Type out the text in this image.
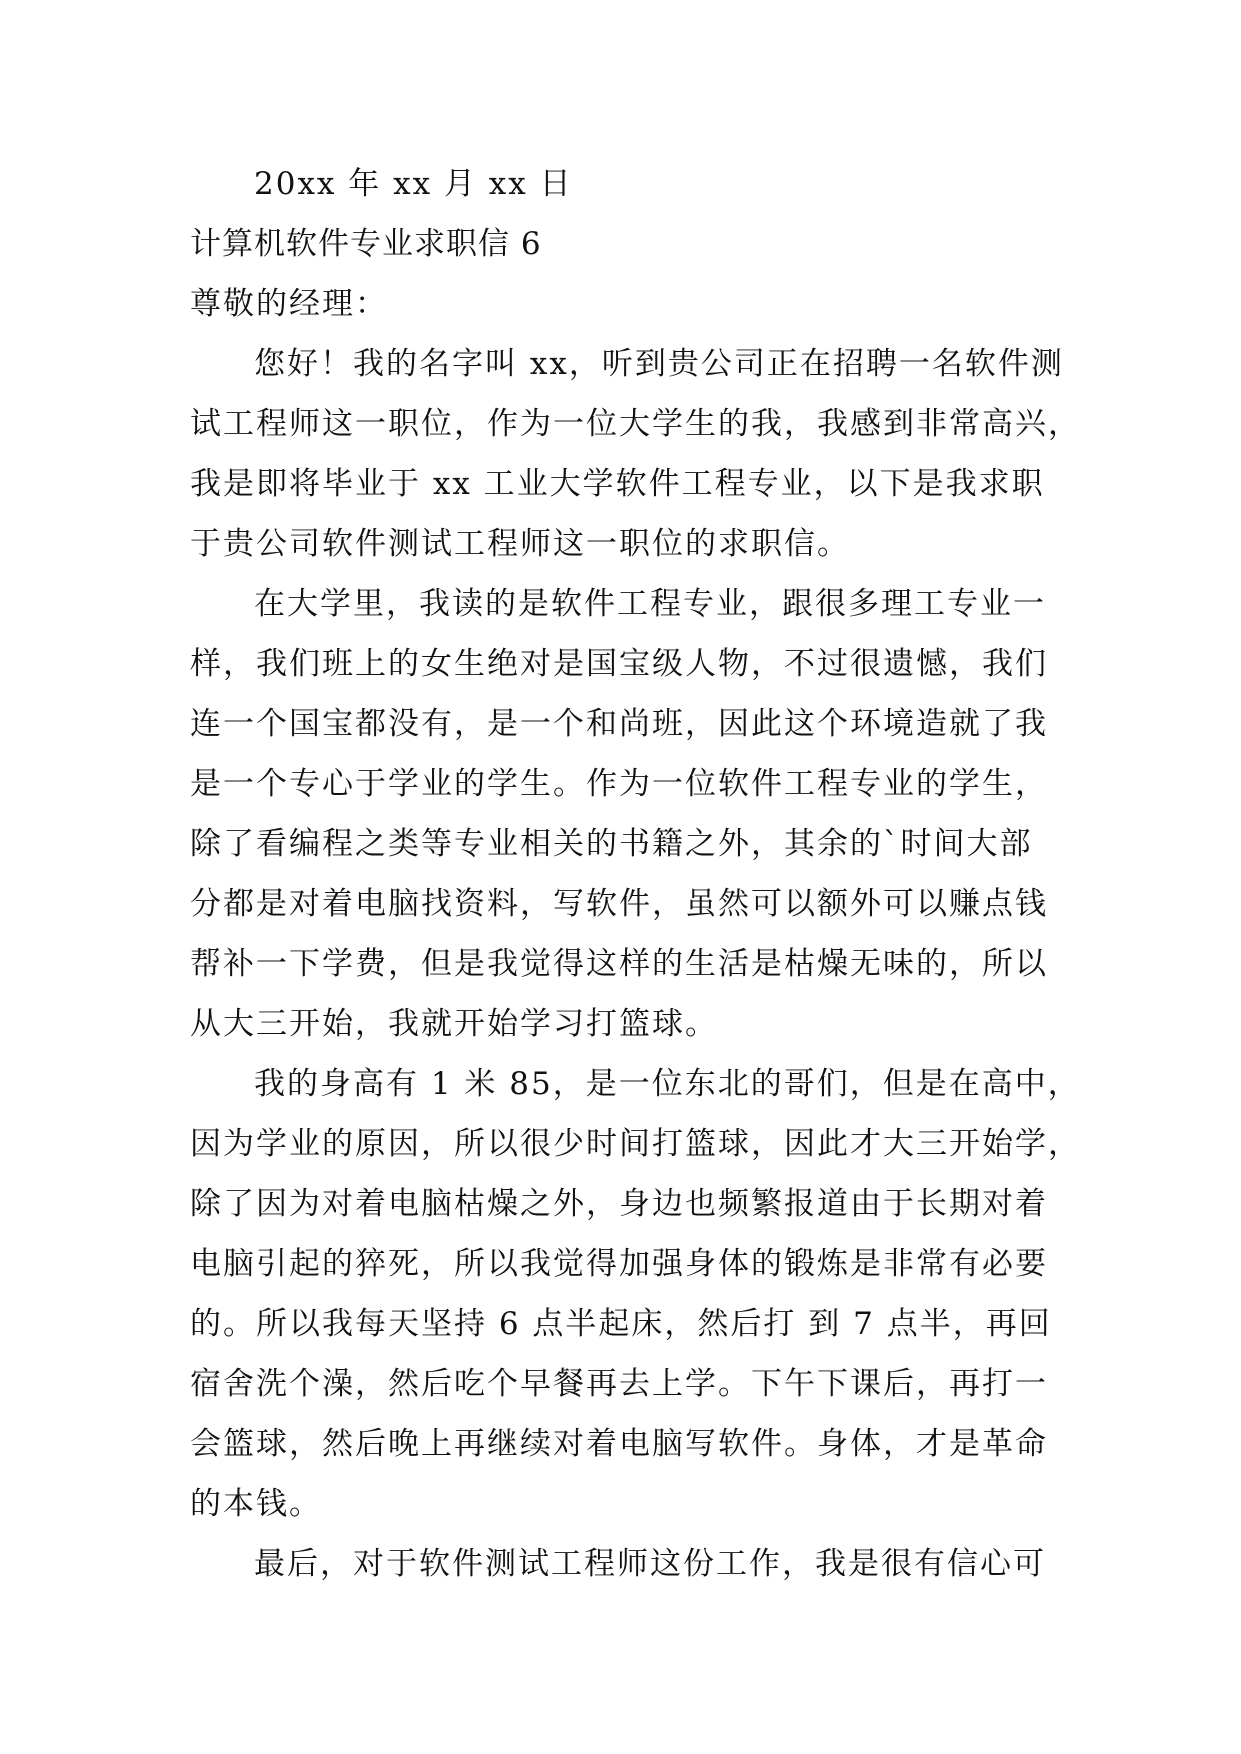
20xx 年 xx 月 xx 日
计算机软件专业求职信 6
尊敬的经理：
您好！我的名字叫 xx，听到贵公司正在招聘一名软件测
试工程师这一职位，作为一位大学生的我，我感到非常高兴，
我是即将毕业于 xx 工业大学软件工程专业，以下是我求职
于贵公司软件测试工程师这一职位的求职信。
在大学里，我读的是软件工程专业，跟很多理工专业一
样，我们班上的女生绝对是国宝级人物，不过很遗憾，我们
连一个国宝都没有，是一个和尚班，因此这个环境造就了我
是一个专心于学业的学生。作为一位软件工程专业的学生，
除了看编程之类等专业相关的书籍之外，其余的`时间大部
分都是对着电脑找资料，写软件，虽然可以额外可以赚点钱
帮补一下学费，但是我觉得这样的生活是枯燥无味的，所以
从大三开始，我就开始学习打篮球。
我的身高有 1 米 85，是一位东北的哥们，但是在高中，
因为学业的原因，所以很少时间打篮球，因此才大三开始学，
除了因为对着电脑枯燥之外，身边也频繁报道由于长期对着
电脑引起的猝死，所以我觉得加强身体的锻炼是非常有必要
的。所以我每天坚持 6 点半起床，然后打 到 7 点半，再回
宿舍洗个澡，然后吃个早餐再去上学。下午下课后，再打一
会篮球，然后晚上再继续对着电脑写软件。身体，才是革命
的本钱。
最后，对于软件测试工程师这份工作，我是很有信心可
